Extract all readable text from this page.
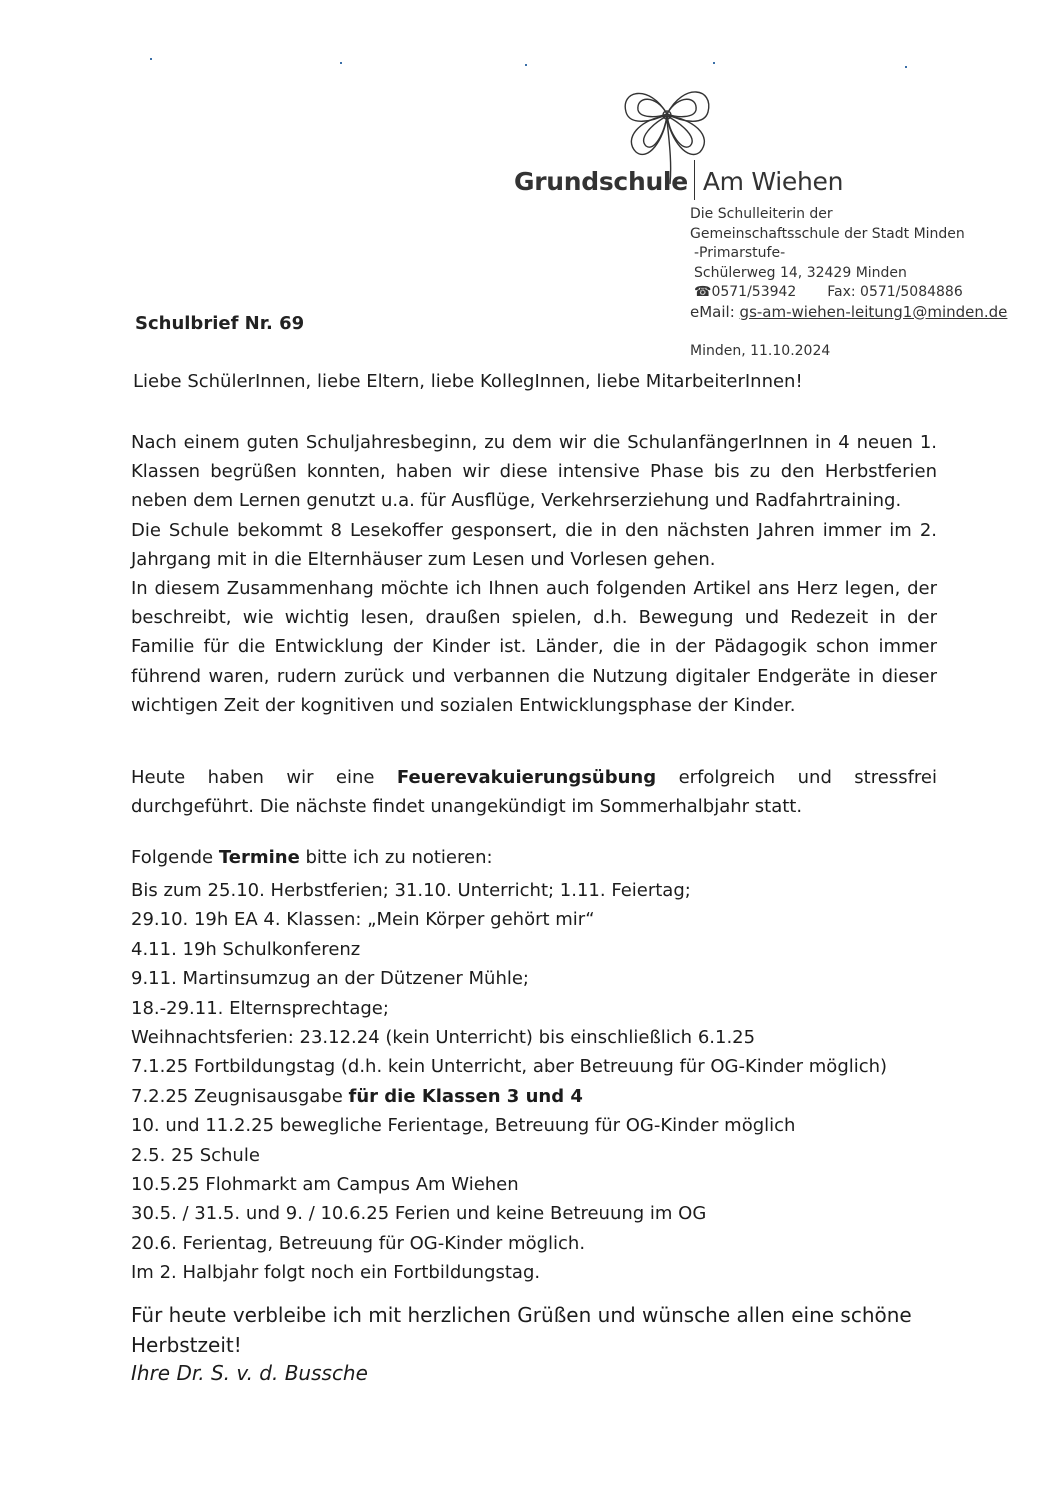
Grundschule Am Wiehen
Die Schulleiterin der
Gemeinschaftsschule der Stadt Minden
-Primarstufe-
Schülerweg 14, 32429 Minden
☎0571/53942 Fax: 0571/5084886
eMail: gs-am-wiehen-leitung1@minden.de
Schulbrief Nr. 69
Minden, 11.10.2024
Liebe SchülerInnen, liebe Eltern, liebe KollegInnen, liebe MitarbeiterInnen!
Nach einem guten Schuljahresbeginn, zu dem wir die SchulanfängerInnen in 4 neuen 1. Klassen begrüßen konnten, haben wir diese intensive Phase bis zu den Herbstferien neben dem Lernen genutzt u.a. für Ausflüge, Verkehrserziehung und Radfahrtraining.
Die Schule bekommt 8 Lesekoffer gesponsert, die in den nächsten Jahren immer im 2. Jahrgang mit in die Elternhäuser zum Lesen und Vorlesen gehen.
In diesem Zusammenhang möchte ich Ihnen auch folgenden Artikel ans Herz legen, der beschreibt, wie wichtig lesen, draußen spielen, d.h. Bewegung und Redezeit in der Familie für die Entwicklung der Kinder ist. Länder, die in der Pädagogik schon immer führend waren, rudern zurück und verbannen die Nutzung digitaler Endgeräte in dieser wichtigen Zeit der kognitiven und sozialen Entwicklungsphase der Kinder.
Heute haben wir eine Feuerevakuierungsübung erfolgreich und stressfrei durchgeführt. Die nächste findet unangekündigt im Sommerhalbjahr statt.
Folgende Termine bitte ich zu notieren:
Bis zum 25.10. Herbstferien; 31.10. Unterricht; 1.11. Feiertag;
29.10. 19h EA 4. Klassen: „Mein Körper gehört mir“
4.11. 19h Schulkonferenz
9.11. Martinsumzug an der Dützener Mühle;
18.-29.11. Elternsprechtage;
Weihnachtsferien: 23.12.24 (kein Unterricht) bis einschließlich 6.1.25
7.1.25 Fortbildungstag (d.h. kein Unterricht, aber Betreuung für OG-Kinder möglich)
7.2.25 Zeugnisausgabe für die Klassen 3 und 4
10. und 11.2.25 bewegliche Ferientage, Betreuung für OG-Kinder möglich
2.5. 25 Schule
10.5.25 Flohmarkt am Campus Am Wiehen
30.5. / 31.5. und 9. / 10.6.25 Ferien und keine Betreuung im OG
20.6. Ferientag, Betreuung für OG-Kinder möglich.
Im 2. Halbjahr folgt noch ein Fortbildungstag.
Für heute verbleibe ich mit herzlichen Grüßen und wünsche allen eine schöne Herbstzeit!
Ihre Dr. S. v. d. Bussche
